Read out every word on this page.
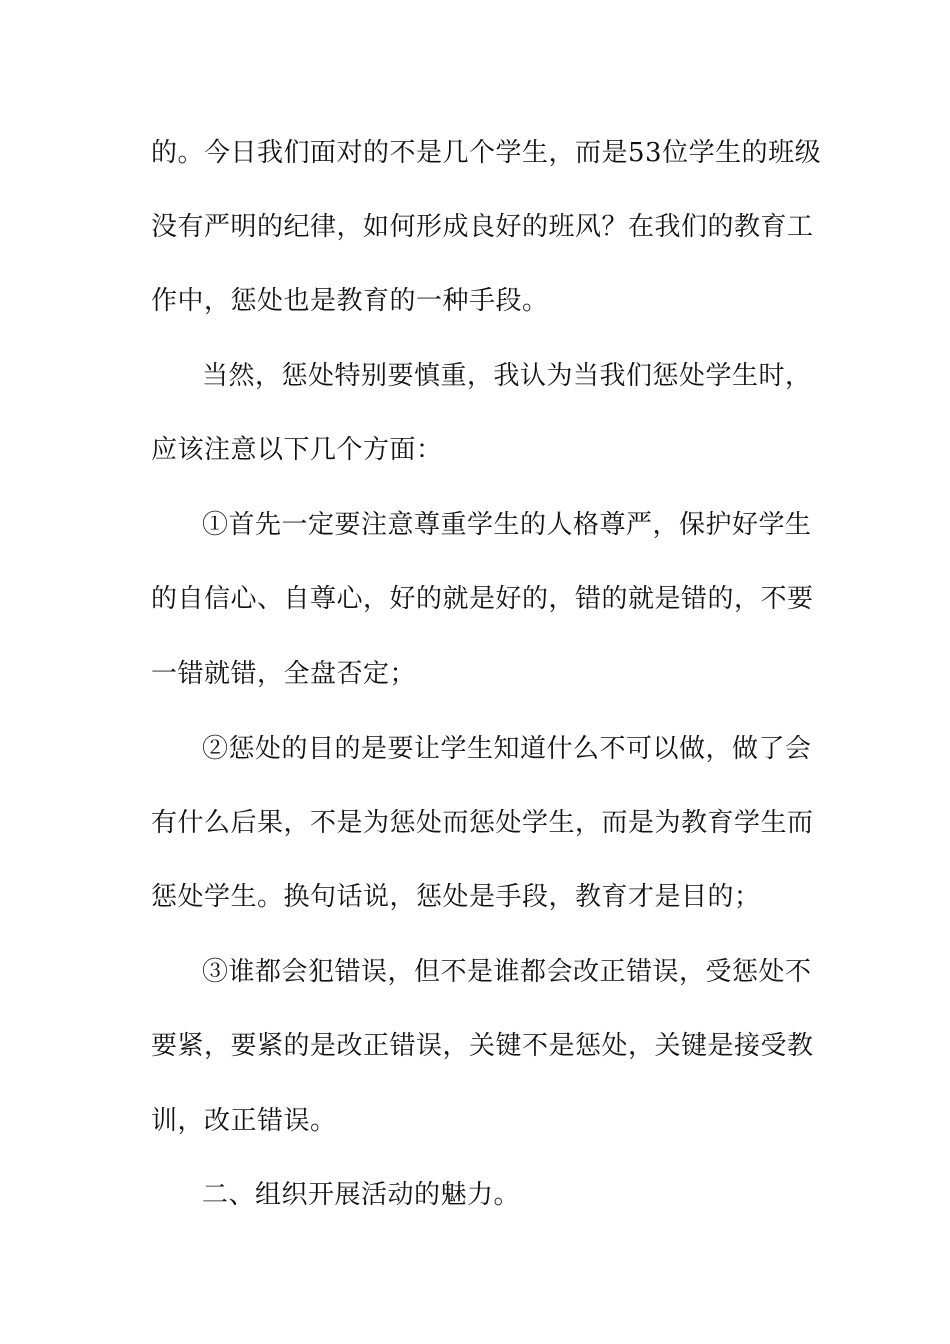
的。今日我们面对的不是几个学生，而是53位学生的班级
没有严明的纪律，如何形成良好的班风？在我们的教育工
作中，惩处也是教育的一种手段。
当然，惩处特别要慎重，我认为当我们惩处学生时，
应该注意以下几个方面：
①首先一定要注意尊重学生的人格尊严，保护好学生
的自信心、自尊心，好的就是好的，错的就是错的，不要
一错就错，全盘否定；
②惩处的目的是要让学生知道什么不可以做，做了会
有什么后果，不是为惩处而惩处学生，而是为教育学生而
惩处学生。换句话说，惩处是手段，教育才是目的；
③谁都会犯错误，但不是谁都会改正错误，受惩处不
要紧，要紧的是改正错误，关键不是惩处，关键是接受教
训，改正错误。
二、组织开展活动的魅力。
